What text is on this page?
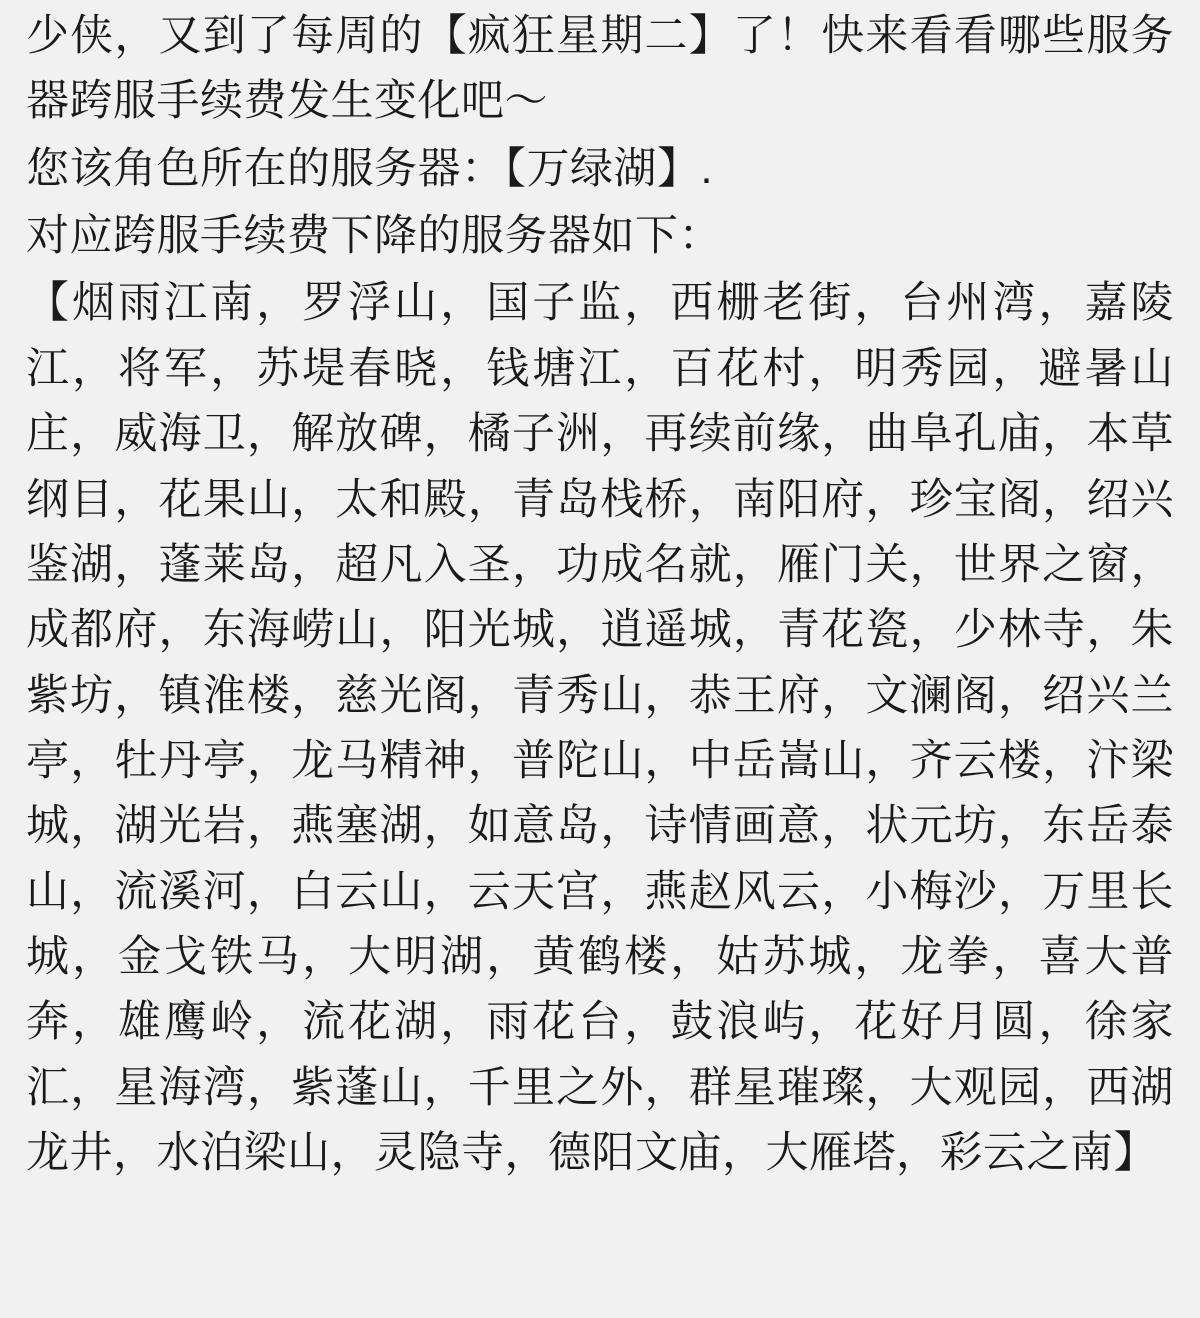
少侠，又到了每周的【疯狂星期二】了！快来看看哪些服务器跨服手续费发生变化吧～

您该角色所在的服务器：【万绿湖】.

对应跨服手续费下降的服务器如下：

【烟雨江南，罗浮山，国子监，西栅老街，台州湾，嘉陵江，将军，苏堤春晓，钱塘江，百花村，明秀园，避暑山庄，威海卫，解放碑，橘子洲，再续前缘，曲阜孔庙，本草纲目，花果山，太和殿，青岛栈桥，南阳府，珍宝阁，绍兴鉴湖，蓬莱岛，超凡入圣，功成名就，雁门关，世界之窗，成都府，东海崂山，阳光城，逍遥城，青花瓷，少林寺，朱紫坊，镇淮楼，慈光阁，青秀山，恭王府，文澜阁，绍兴兰亭，牡丹亭，龙马精神，普陀山，中岳嵩山，齐云楼，汴梁城，湖光岩，燕塞湖，如意岛，诗情画意，状元坊，东岳泰山，流溪河，白云山，云天宫，燕赵风云，小梅沙，万里长城，金戈铁马，大明湖，黄鹤楼，姑苏城，龙拳，喜大普奔，雄鹰岭，流花湖，雨花台，鼓浪屿，花好月圆，徐家汇，星海湾，紫蓬山，千里之外，群星璀璨，大观园，西湖龙井，水泊梁山，灵隐寺，德阳文庙，大雁塔，彩云之南】
